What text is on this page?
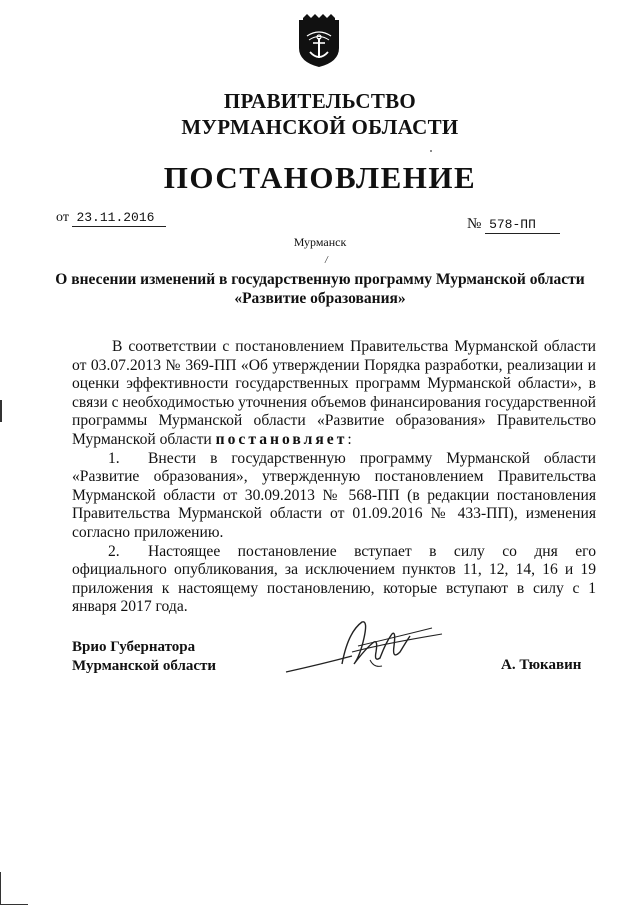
ПРАВИТЕЛЬСТВО
МУРМАНСКОЙ ОБЛАСТИ
ПОСТАНОВЛЕНИЕ
от 23.11.2016	№ 578-ПП
Мурманск
/
О внесении изменений в государственную программу Мурманской области
«Развитие образования»

В соответствии с постановлением Правительства Мурманской области от 03.07.2013 № 369-ПП «Об утверждении Порядка разработки, реализации и оценки эффективности государственных программ Мурманской области», в связи с необходимостью уточнения объемов финансирования государственной программы Мурманской области «Развитие образования» Правительство Мурманской области постановляет:

1. Внести в государственную программу Мурманской области «Развитие образования», утвержденную постановлением Правительства Мурманской области от 30.09.2013 № 568-ПП (в редакции постановления Правительства Мурманской области от 01.09.2016 № 433-ПП), изменения согласно приложению.

2. Настоящее постановление вступает в силу со дня его официального опубликования, за исключением пунктов 11, 12, 14, 16 и 19 приложения к настоящему постановлению, которые вступают в силу с 1 января 2017 года.

Врио Губернатора
Мурманской области	А. Тюкавин
